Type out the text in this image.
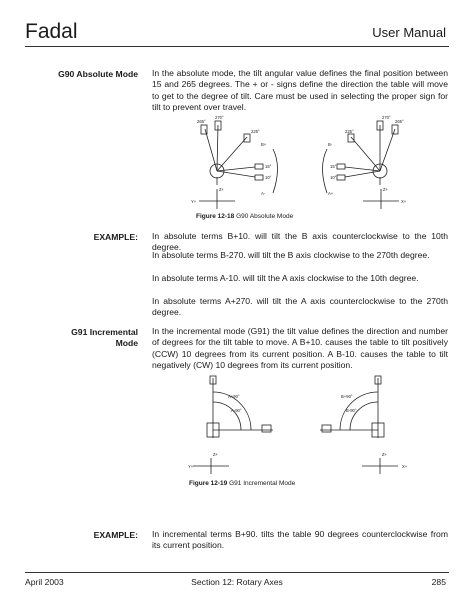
Fadal	User Manual
G90 Absolute Mode In the absolute mode, the tilt angular value defines the final position between 15 and 265 degrees. The + or - signs define the direction the table will move to get to the degree of tilt. Care must be used in selecting the proper sign for tilt to prevent over travel.
265°
270°
225°
15°
10°
B+
A-
Z+
Y+
270°
265°
225°
15°
10°
B-
A+
Z+
X+
Figure 12-18 G90 Absolute Mode
EXAMPLE: In absolute terms B+10. will tilt the B axis counterclockwise to the 10th degree.
In absolute terms B-270. will tilt the B axis clockwise to the 270th degree.
In absolute terms A-10. will tilt the A axis clockwise to the 10th degree.
In absolute terms A+270. will tilt the A axis counterclockwise to the 270th degree.
G91 Incremental
Mode
In the incremental mode (G91) the tilt value defines the direction and number of degrees for the tilt table to move. A B+10. causes the table to tilt positively (CCW) 10 degrees from its current position. A B-10. causes the table to tilt negatively (CW) 10 degrees from its current position.
A+90°
A-90°
Z+
Y+
B+90°
B-90°
Z+
X+
Figure 12-19 G91 Incremental Mode
EXAMPLE: In incremental terms B+90. tilts the table 90 degrees counterclockwise from its current position.
April 2003	Section 12: Rotary Axes	285
